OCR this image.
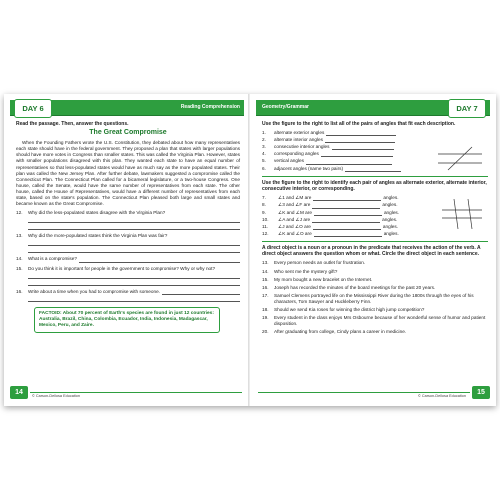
DAY 6	Reading Comprehension
Read the passage. Then, answer the questions.
The Great Compromise
When the Founding Fathers wrote the U.S. Constitution, they debated about how many representatives each state should have in the federal government. They proposed a plan that states with larger populations should have more votes in Congress than smaller states. This was called the Virginia Plan. However, states with smaller populations disagreed with this plan. They wanted each state to have an equal number of representatives so that less-populated states would have as much say as the more populated states. Their plan was called the New Jersey Plan. After further debate, lawmakers suggested a compromise called the Connecticut Plan. The Connecticut Plan called for a bicameral legislature, or a two-house Congress. One house, called the Senate, would have the same number of representatives from each state. The other house, called the House of Representatives, would have a different number of representatives from each state, based on the state's population. The Connecticut Plan pleased both large and small states and became known as the Great Compromise.
12.	Why did the less-populated states disagree with the Virginia Plan?
13.	Why did the more-populated states think the Virginia Plan was fair?
14.	What is a compromise?
15.	Do you think it is important for people in the government to compromise? Why or why not?
16.	Write about a time when you had to compromise with someone.
FACTOID: About 70 percent of Earth's species are found in just 12 countries: Australia, Brazil, China, Colombia, Ecuador, India, Indonesia, Madagascar, Mexico, Peru, and Zaire.
14	© Carson-Dellosa Education
Geometry/Grammar	DAY 7
Use the figure to the right to list all of the pairs of angles that fit each description.
1.	alternate exterior angles
2.	alternate interior angles
3.	consecutive interior angles
4.	corresponding angles
5.	vertical angles
6.	adjacent angles (name two pairs)
Use the figure to the right to identify each pair of angles as alternate exterior, alternate interior, consecutive interior, or corresponding.
7.	∠1 and ∠M are	angles.
8.	∠3 and ∠F are	angles.
9.	∠K and ∠M are	angles.
10.	∠A and ∠J are	angles.
11.	∠J and ∠O are	angles.
12.	∠K and ∠O are	angles.
A direct object is a noun or a pronoun in the predicate that receives the action of the verb. A direct object answers the question whom or what. Circle the direct object in each sentence.
13.	Every person needs an outlet for frustration.
14.	Who sent me the mystery gift?
15.	My mom bought a new bracelet on the Internet.
16.	Joseph has recorded the minutes of the board meetings for the past 20 years.
17.	Samuel Clemens portrayed life on the Mississippi River during the 1800s through the eyes of his characters, Tom Sawyer and Huckleberry Finn.
18.	Should we send Kia roses for winning the district high jump competition?
19.	Every student in the class enjoys Mrs Osbourne because of her wonderful sense of humor and patient disposition.
20.	After graduating from college, Cindy plans a career in medicine.
© Carson-Dellosa Education	15
